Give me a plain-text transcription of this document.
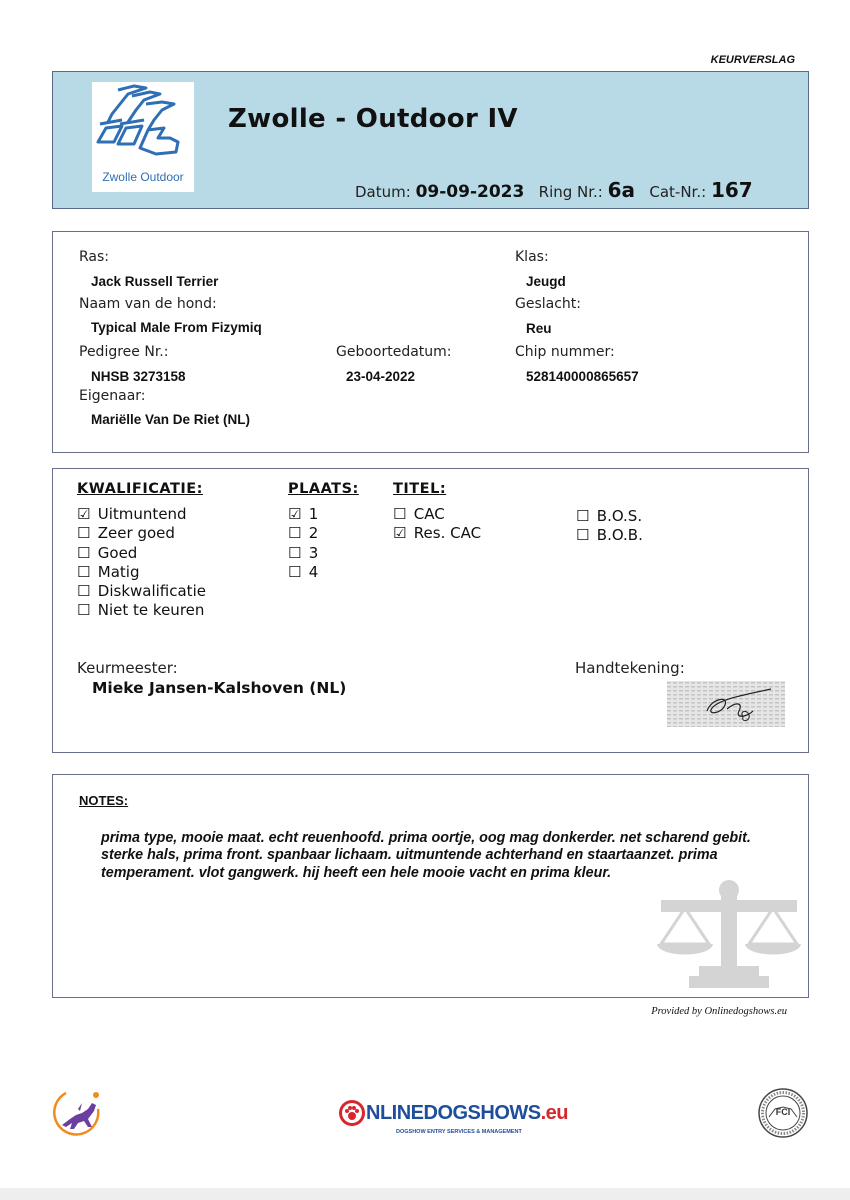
KEURVERSLAG
Zwolle Outdoor
Zwolle - Outdoor IV
Datum: 09-09-2023 Ring Nr.: 6a Cat-Nr.: 167
Ras:
Jack Russell Terrier
Naam van de hond:
Typical Male From Fizymiq
Pedigree Nr.:
NHSB 3273158
Eigenaar:
Mariëlle Van De Riet (NL)
Geboortedatum:
23-04-2022
Klas:
Jeugd
Geslacht:
Reu
Chip nummer:
528140000865657
KWALIFICATIE:	PLAATS: TITEL:
☑ Uitmuntend
☐ Zeer goed
☐ Goed
☐ Matig
☐ Diskwalificatie
☐ Niet te keuren
☑ 1
☐ 2
☐ 3
☐ 4
☐ CAC
☑ Res. CAC
☐ B.O.S.
☐ B.O.B.
Keurmeester:
Mieke Jansen-Kalshoven (NL)
Handtekening:
NOTES:
prima type, mooie maat. echt reuenhoofd. prima oortje, oog mag donkerder. net scharend gebit. sterke hals, prima front. spanbaar lichaam. uitmuntende achterhand en staartaanzet. prima temperament. vlot gangwerk. hij heeft een hele mooie vacht en prima kleur.
Provided by Onlinedogshows.eu
NLINEDOGSHOWS.eu
DOGSHOW ENTRY SERVICES & MANAGEMENT
FCI
